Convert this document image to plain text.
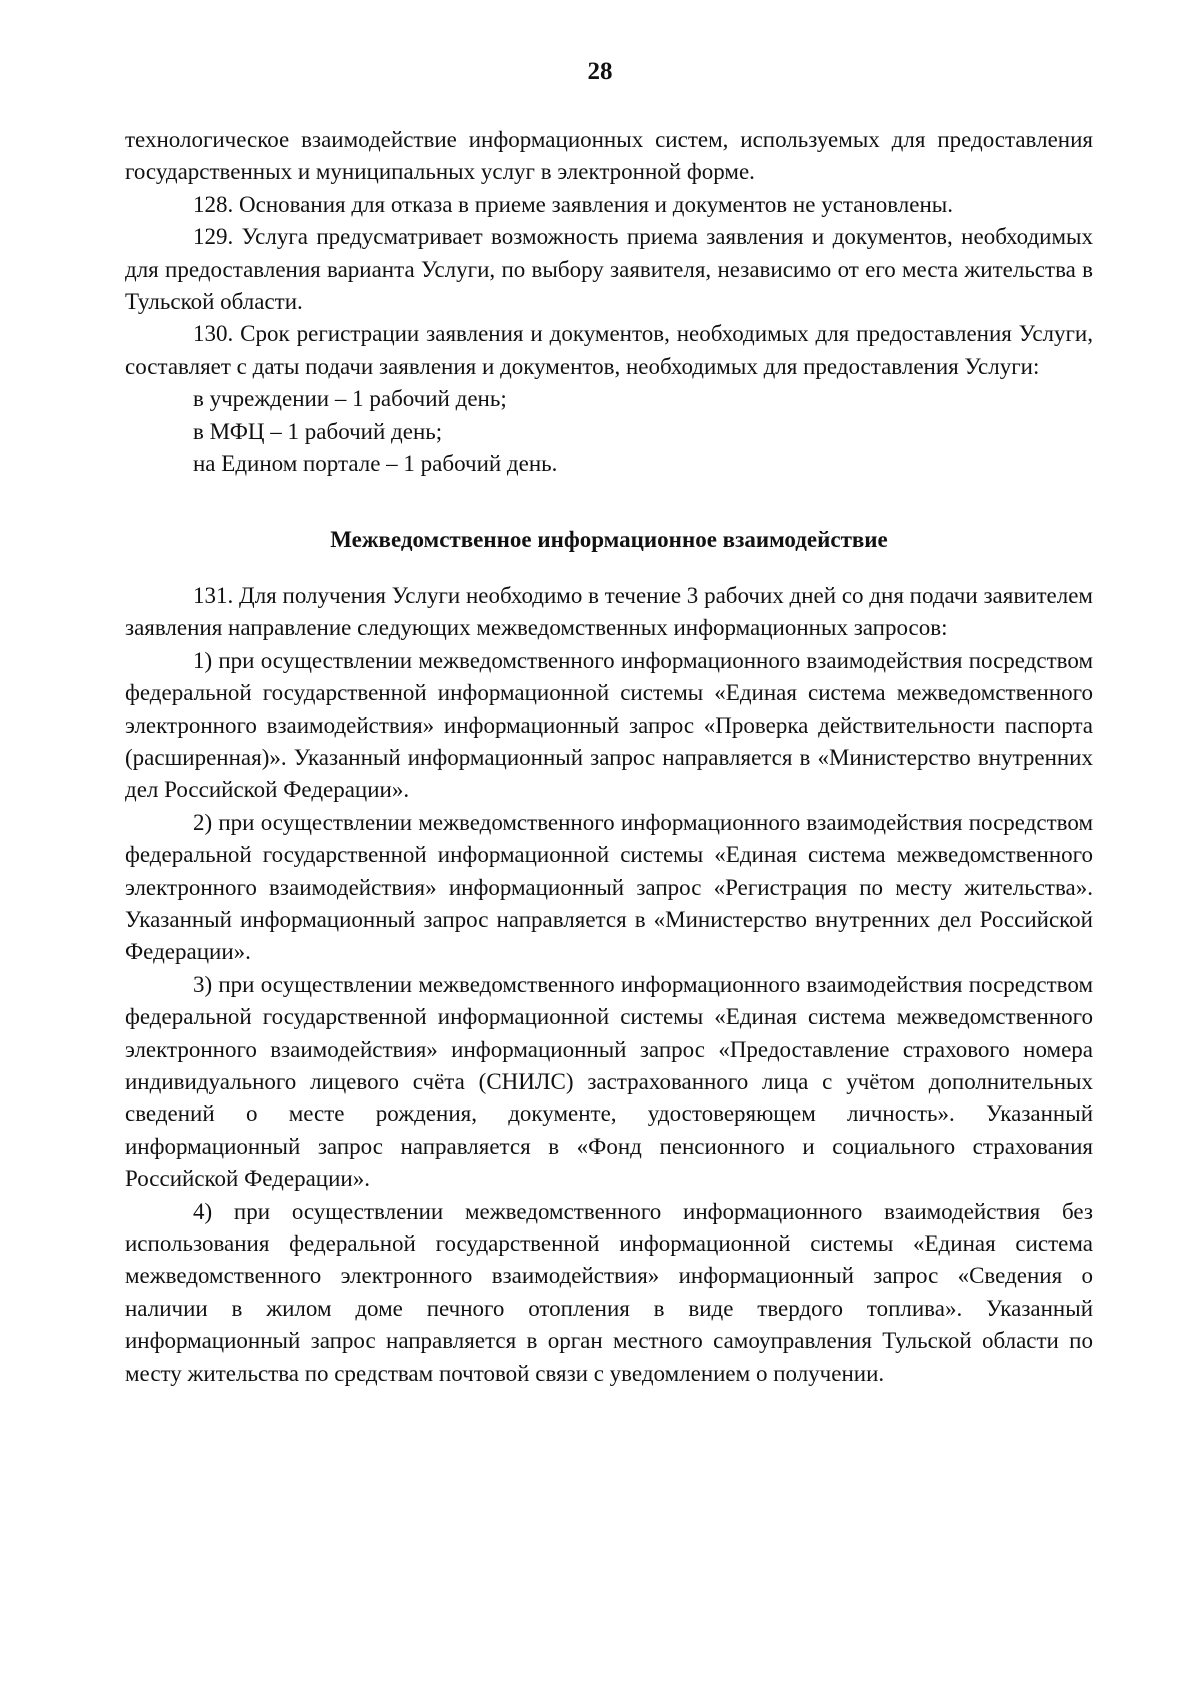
28

технологическое взаимодействие информационных систем, используемых для предоставления государственных и муниципальных услуг в электронной форме.

128. Основания для отказа в приеме заявления и документов не установлены.

129. Услуга предусматривает возможность приема заявления и документов, необходимых для предоставления варианта Услуги, по выбору заявителя, независимо от его места жительства в Тульской области.

130. Срок регистрации заявления и документов, необходимых для предоставления Услуги, составляет с даты подачи заявления и документов, необходимых для предоставления Услуги:

в учреждении – 1 рабочий день;

в МФЦ – 1 рабочий день;

на Едином портале – 1 рабочий день.

Межведомственное информационное взаимодействие

131. Для получения Услуги необходимо в течение 3 рабочих дней со дня подачи заявителем заявления направление следующих межведомственных информационных запросов:

1) при осуществлении межведомственного информационного взаимодействия посредством федеральной государственной информационной системы «Единая система межведомственного электронного взаимодействия» информационный запрос «Проверка действительности паспорта (расширенная)». Указанный информационный запрос направляется в «Министерство внутренних дел Российской Федерации».

2) при осуществлении межведомственного информационного взаимодействия посредством федеральной государственной информационной системы «Единая система межведомственного электронного взаимодействия» информационный запрос «Регистрация по месту жительства». Указанный информационный запрос направляется в «Министерство внутренних дел Российской Федерации».

3) при осуществлении межведомственного информационного взаимодействия посредством федеральной государственной информационной системы «Единая система межведомственного электронного взаимодействия» информационный запрос «Предоставление страхового номера индивидуального лицевого счёта (СНИЛС) застрахованного лица с учётом дополнительных сведений о месте рождения, документе, удостоверяющем личность». Указанный информационный запрос направляется в «Фонд пенсионного и социального страхования Российской Федерации».

4) при осуществлении межведомственного информационного взаимодействия без использования федеральной государственной информационной системы «Единая система межведомственного электронного взаимодействия» информационный запрос «Сведения о наличии в жилом доме печного отопления в виде твердого топлива». Указанный информационный запрос направляется в орган местного самоуправления Тульской области по месту жительства по средствам почтовой связи с уведомлением о получении.
